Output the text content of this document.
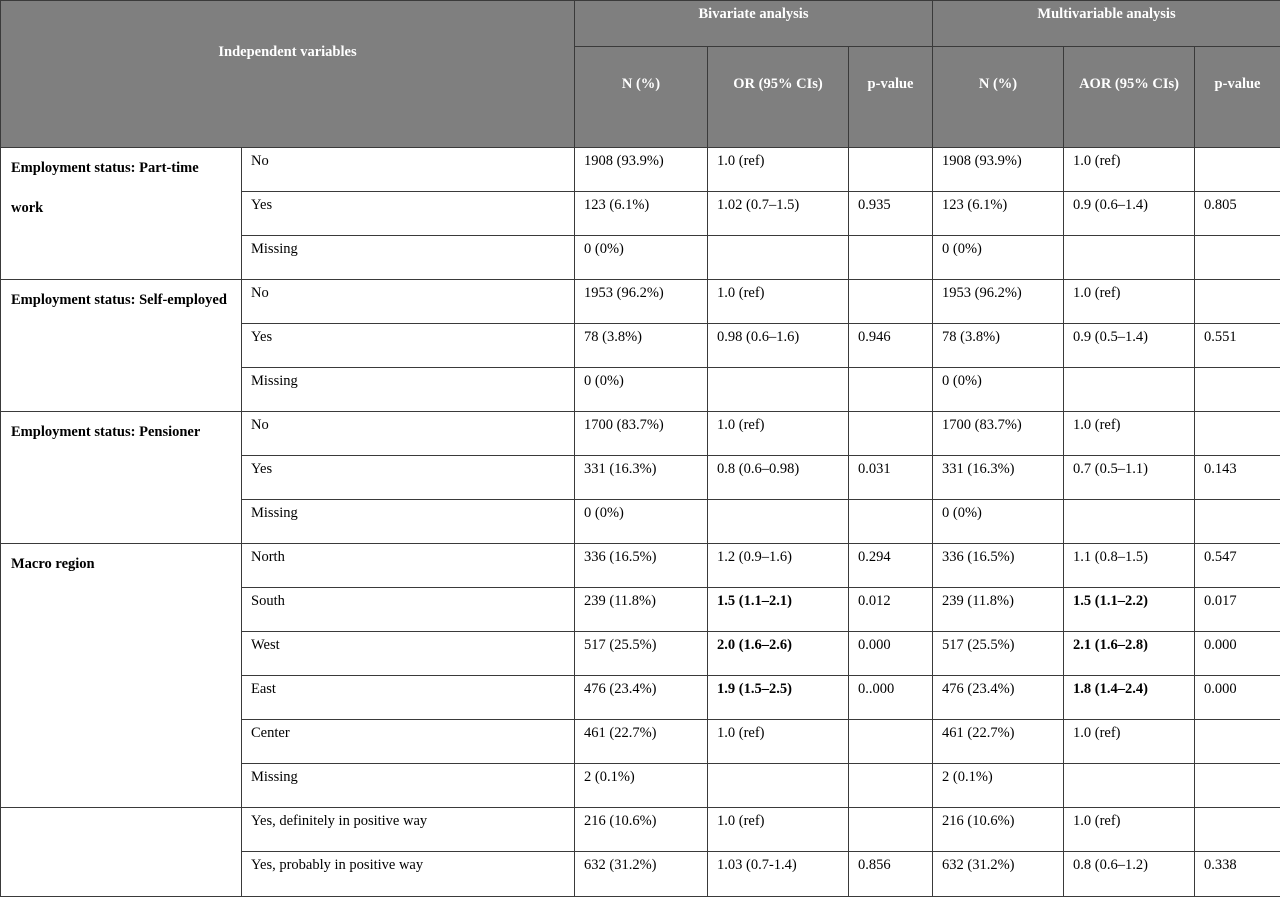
Independent variables		Bivariate analysis			Multivariable analysis		
		N (%)	OR (95% CIs)	p-value	N (%)	AOR (95% CIs)	p-value
Employment status: Part-time work	No	1908 (93.9%)	1.0 (ref)		1908 (93.9%)	1.0 (ref)	
	Yes	123 (6.1%)	1.02 (0.7–1.5)	0.935	123 (6.1%)	0.9 (0.6–1.4)	0.805
	Missing	0 (0%)			0 (0%)		
Employment status: Self-employed	No	1953 (96.2%)	1.0 (ref)		1953 (96.2%)	1.0 (ref)	
	Yes	78 (3.8%)	0.98 (0.6–1.6)	0.946	78 (3.8%)	0.9 (0.5–1.4)	0.551
	Missing	0 (0%)			0 (0%)		
Employment status: Pensioner	No	1700 (83.7%)	1.0 (ref)		1700 (83.7%)	1.0 (ref)	
	Yes	331 (16.3%)	0.8 (0.6–0.98)	0.031	331 (16.3%)	0.7 (0.5–1.1)	0.143
	Missing	0 (0%)			0 (0%)		
Macro region	North	336 (16.5%)	1.2 (0.9–1.6)	0.294	336 (16.5%)	1.1 (0.8–1.5)	0.547
	South	239 (11.8%)	1.5 (1.1–2.1)	0.012	239 (11.8%)	1.5 (1.1–2.2)	0.017
	West	517 (25.5%)	2.0 (1.6–2.6)	0.000	517 (25.5%)	2.1 (1.6–2.8)	0.000
	East	476 (23.4%)	1.9 (1.5–2.5)	0..000	476 (23.4%)	1.8 (1.4–2.4)	0.000
	Center	461 (22.7%)	1.0 (ref)		461 (22.7%)	1.0 (ref)	
	Missing	2 (0.1%)			2 (0.1%)		
	Yes, definitely in positive way	216 (10.6%)	1.0 (ref)		216 (10.6%)	1.0 (ref)	
	Yes, probably in positive way	632 (31.2%)	1.03 (0.7-1.4)	0.856	632 (31.2%)	0.8 (0.6–1.2)	0.338
